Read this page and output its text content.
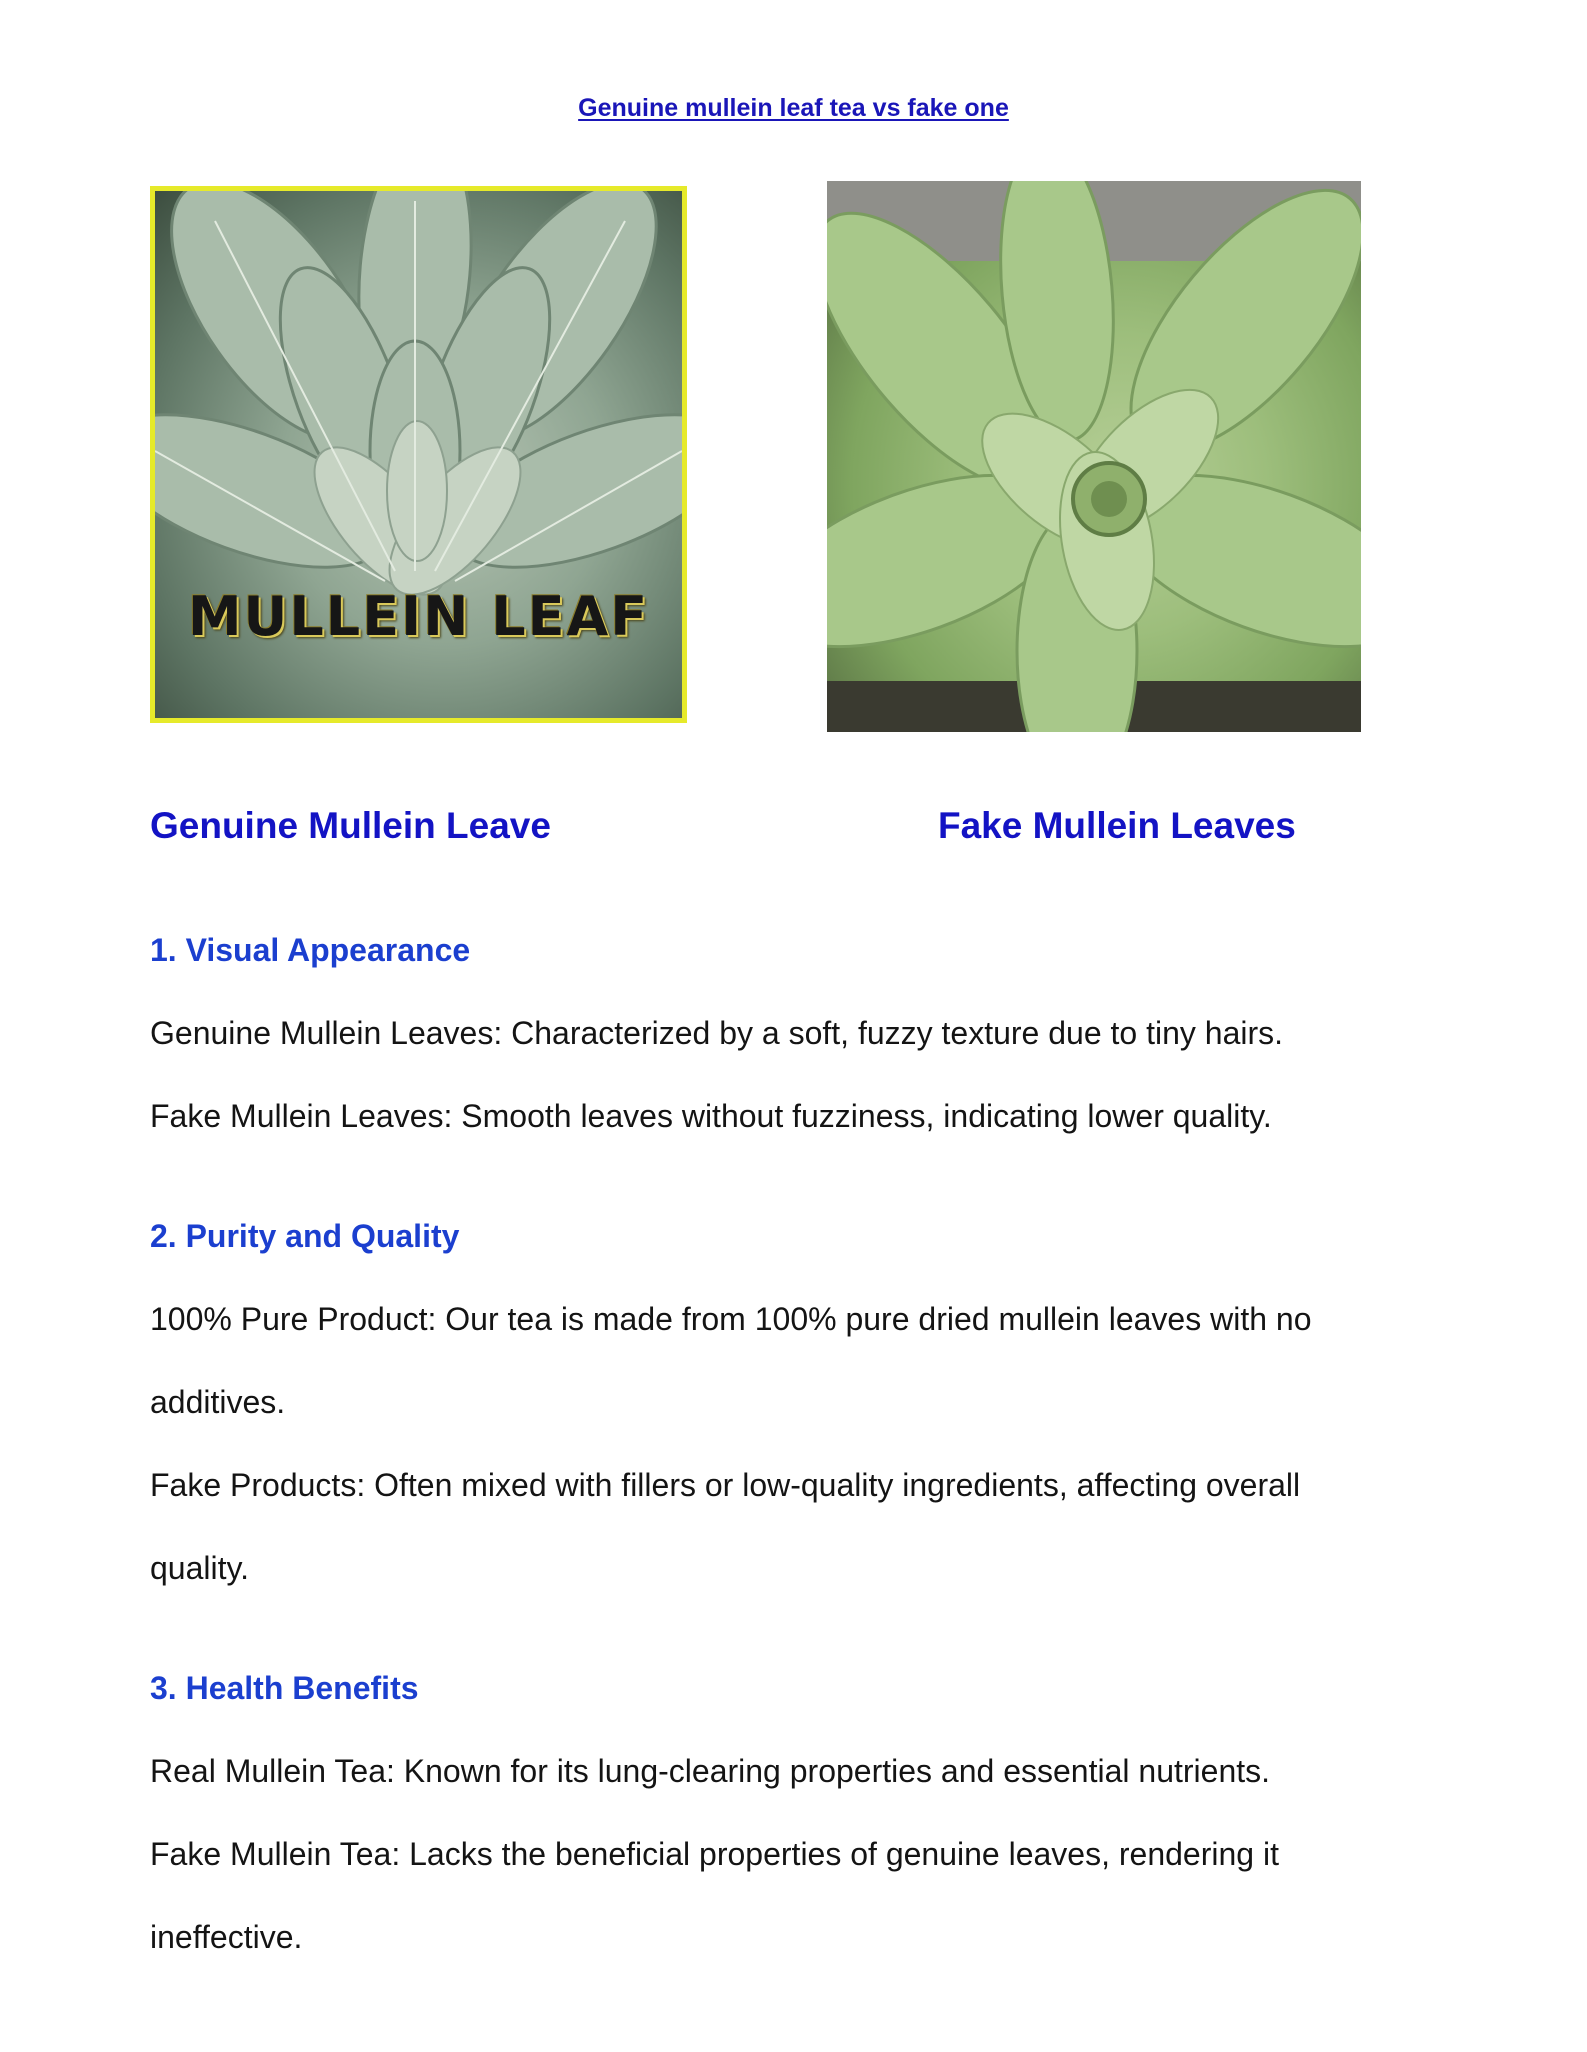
Genuine mullein leaf tea vs fake one
MULLEIN LEAF
Genuine Mullein Leave	Fake Mullein Leaves
1. Visual Appearance
Genuine Mullein Leaves: Characterized by a soft, fuzzy texture due to tiny hairs.
Fake Mullein Leaves: Smooth leaves without fuzziness, indicating lower quality.
2. Purity and Quality
100% Pure Product: Our tea is made from 100% pure dried mullein leaves with no
additives.
Fake Products: Often mixed with fillers or low-quality ingredients, affecting overall
quality.
3. Health Benefits
Real Mullein Tea: Known for its lung-clearing properties and essential nutrients.
Fake Mullein Tea: Lacks the beneficial properties of genuine leaves, rendering it
ineffective.
